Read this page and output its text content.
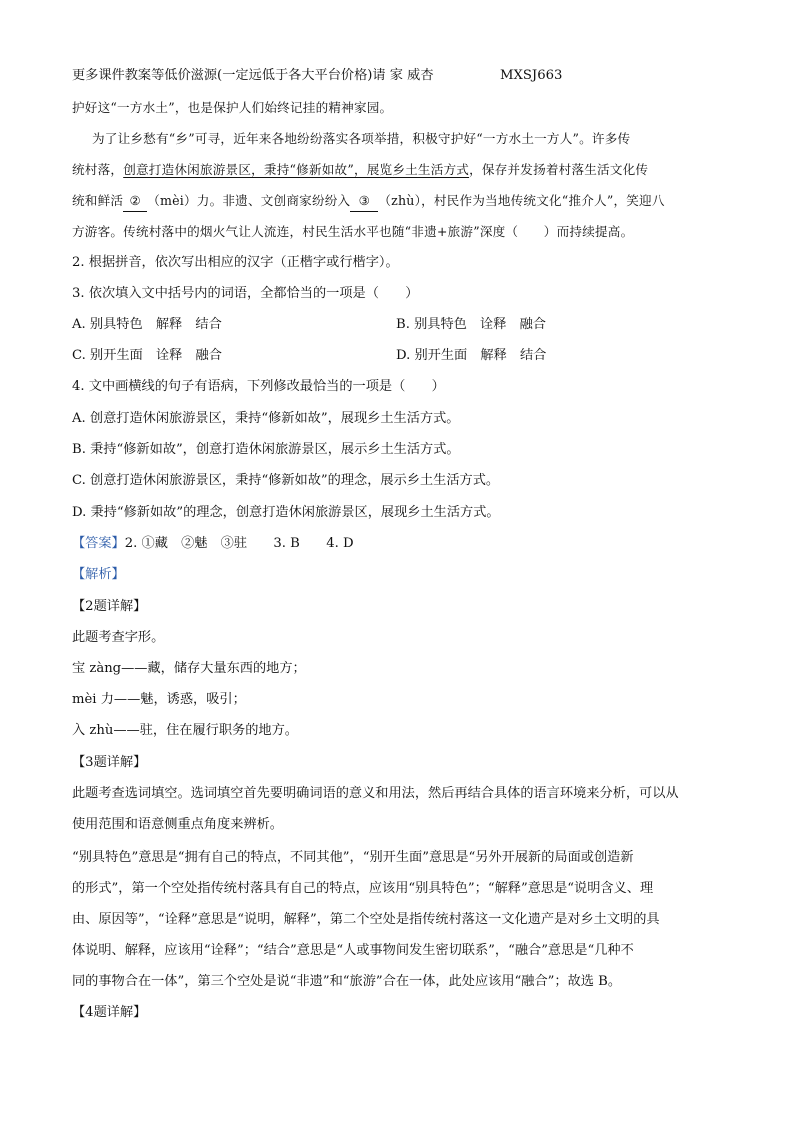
更多课件教案等低价滋源(一定远低于各大平台价格)请 家 威杏	MXSJ663
护好这“一方水土”，也是保护人们始终记挂的精神家园。
为了让乡愁有“乡”可寻，近年来各地纷纷落实各项举措，积极守护好“一方水土一方人”。许多传
统村落，创意打造休闲旅游景区，秉持“修新如故”，展览乡土生活方式，保存并发扬着村落生活文化传
统和鲜活 ② （mèi）力。非遗、文创商家纷纷入 ③ （zhù），村民作为当地传统文化“推介人”，笑迎八
方游客。传统村落中的烟火气让人流连，村民生活水平也随“非遗+旅游”深度（　　）而持续提高。
2. 根据拼音，依次写出相应的汉字（正楷字或行楷字）。
3. 依次填入文中括号内的词语，全都恰当的一项是（　　）
A. 别具特色　解释　结合	B. 别具特色　诠释　融合
C. 别开生面　诠释　融合	D. 别开生面　解释　结合
4. 文中画横线的句子有语病，下列修改最恰当的一项是（　　）
A. 创意打造休闲旅游景区，秉持“修新如故”，展现乡土生活方式。
B. 秉持“修新如故”，创意打造休闲旅游景区，展示乡土生活方式。
C. 创意打造休闲旅游景区，秉持“修新如故”的理念，展示乡土生活方式。
D. 秉持“修新如故”的理念，创意打造休闲旅游景区，展现乡土生活方式。
【答案】2. ①藏　②魅　③驻　　3. B　　4. D
【解析】
【2题详解】
此题考查字形。
宝 zàng——藏，储存大量东西的地方；
mèi 力——魅，诱惑，吸引；
入 zhù——驻，住在履行职务的地方。
【3题详解】
此题考查选词填空。选词填空首先要明确词语的意义和用法，然后再结合具体的语言环境来分析，可以从
使用范围和语意侧重点角度来辨析。
“别具特色”意思是“拥有自己的特点，不同其他”，“别开生面”意思是“另外开展新的局面或创造新
的形式”，第一个空处指传统村落具有自己的特点，应该用“别具特色”；“解释”意思是“说明含义、理
由、原因等”，“诠释”意思是“说明，解释”，第二个空处是指传统村落这一文化遗产是对乡土文明的具
体说明、解释，应该用“诠释”；“结合”意思是“人或事物间发生密切联系”，“融合”意思是“几种不
同的事物合在一体”，第三个空处是说“非遗”和“旅游”合在一体，此处应该用“融合”；故选 B。
【4题详解】
